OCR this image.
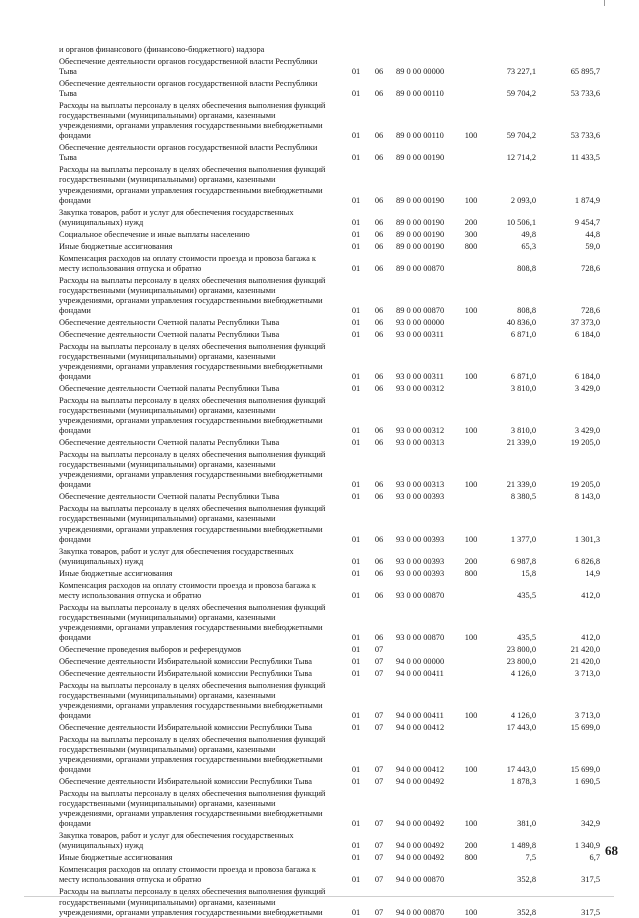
и органов финансового (финансово-бюджетного) надзора
Обеспечение деятельности органов государственной власти Республики
Тыва	01	06	89 0 00 00000	73 227,1	65 895,7
Обеспечение деятельности органов государственной власти Республики
Тыва	01	06	89 0 00 00110	59 704,2	53 733,6
Расходы на выплаты персоналу в целях обеспечения выполнения функций
государственными (муниципальными) органами, казенными
учреждениями, органами управления государственными внебюджетными
фондами	01	06	89 0 00 00110	100	59 704,2	53 733,6
Обеспечение деятельности органов государственной власти Республики
Тыва	01	06	89 0 00 00190	12 714,2	11 433,5
Расходы на выплаты персоналу в целях обеспечения выполнения функций
государственными (муниципальными) органами, казенными
учреждениями, органами управления государственными внебюджетными
фондами	01	06	89 0 00 00190	100	2 093,0	1 874,9
Закупка товаров, работ и услуг для обеспечения государственных
(муниципальных) нужд	01	06	89 0 00 00190	200	10 506,1	9 454,7
Социальное обеспечение и иные выплаты населению	01	06	89 0 00 00190	300	49,8	44,8
Иные бюджетные ассигнования	01	06	89 0 00 00190	800	65,3	59,0
Компенсация расходов на оплату стоимости проезда и провоза багажа к
месту использования отпуска и обратно	01	06	89 0 00 00870	808,8	728,6
Расходы на выплаты персоналу в целях обеспечения выполнения функций
государственными (муниципальными) органами, казенными
учреждениями, органами управления государственными внебюджетными
фондами	01	06	89 0 00 00870	100	808,8	728,6
Обеспечение деятельности Счетной палаты Республики Тыва	01	06	93 0 00 00000	40 836,0	37 373,0
Обеспечение деятельности Счетной палаты Республики Тыва	01	06	93 0 00 00311	6 871,0	6 184,0
Расходы на выплаты персоналу в целях обеспечения выполнения функций
государственными (муниципальными) органами, казенными
учреждениями, органами управления государственными внебюджетными
фондами	01	06	93 0 00 00311	100	6 871,0	6 184,0
Обеспечение деятельности Счетной палаты Республики Тыва	01	06	93 0 00 00312	3 810,0	3 429,0
Расходы на выплаты персоналу в целях обеспечения выполнения функций
государственными (муниципальными) органами, казенными
учреждениями, органами управления государственными внебюджетными
фондами	01	06	93 0 00 00312	100	3 810,0	3 429,0
Обеспечение деятельности Счетной палаты Республики Тыва	01	06	93 0 00 00313	21 339,0	19 205,0
Расходы на выплаты персоналу в целях обеспечения выполнения функций
государственными (муниципальными) органами, казенными
учреждениями, органами управления государственными внебюджетными
фондами	01	06	93 0 00 00313	100	21 339,0	19 205,0
Обеспечение деятельности Счетной палаты Республики Тыва	01	06	93 0 00 00393	8 380,5	8 143,0
Расходы на выплаты персоналу в целях обеспечения выполнения функций
государственными (муниципальными) органами, казенными
учреждениями, органами управления государственными внебюджетными
фондами	01	06	93 0 00 00393	100	1 377,0	1 301,3
Закупка товаров, работ и услуг для обеспечения государственных
(муниципальных) нужд	01	06	93 0 00 00393	200	6 987,8	6 826,8
Иные бюджетные ассигнования	01	06	93 0 00 00393	800	15,8	14,9
Компенсация расходов на оплату стоимости проезда и провоза багажа к
месту использования отпуска и обратно	01	06	93 0 00 00870	435,5	412,0
Расходы на выплаты персоналу в целях обеспечения выполнения функций
государственными (муниципальными) органами, казенными
учреждениями, органами управления государственными внебюджетными
фондами	01	06	93 0 00 00870	100	435,5	412,0
Обеспечение проведения выборов и референдумов	01	07	23 800,0	21 420,0
Обеспечение деятельности Избирательной комиссии Республики Тыва	01	07	94 0 00 00000	23 800,0	21 420,0
Обеспечение деятельности Избирательной комиссии Республики Тыва	01	07	94 0 00 00411	4 126,0	3 713,0
Расходы на выплаты персоналу в целях обеспечения выполнения функций
государственными (муниципальными) органами, казенными
учреждениями, органами управления государственными внебюджетными
фондами	01	07	94 0 00 00411	100	4 126,0	3 713,0
Обеспечение деятельности Избирательной комиссии Республики Тыва	01	07	94 0 00 00412	17 443,0	15 699,0
Расходы на выплаты персоналу в целях обеспечения выполнения функций
государственными (муниципальными) органами, казенными
учреждениями, органами управления государственными внебюджетными
фондами	01	07	94 0 00 00412	100	17 443,0	15 699,0
Обеспечение деятельности Избирательной комиссии Республики Тыва	01	07	94 0 00 00492	1 878,3	1 690,5
Расходы на выплаты персоналу в целях обеспечения выполнения функций
государственными (муниципальными) органами, казенными
учреждениями, органами управления государственными внебюджетными
фондами	01	07	94 0 00 00492	100	381,0	342,9
Закупка товаров, работ и услуг для обеспечения государственных
(муниципальных) нужд	01	07	94 0 00 00492	200	1 489,8	1 340,9
Иные бюджетные ассигнования	01	07	94 0 00 00492	800	7,5	6,7
Компенсация расходов на оплату стоимости проезда и провоза багажа к
месту использования отпуска и обратно	01	07	94 0 00 00870	352,8	317,5
Расходы на выплаты персоналу в целях обеспечения выполнения функций
государственными (муниципальными) органами, казенными
учреждениями, органами управления государственными внебюджетными	01	07	94 0 00 00870	100	352,8	317,5
68
